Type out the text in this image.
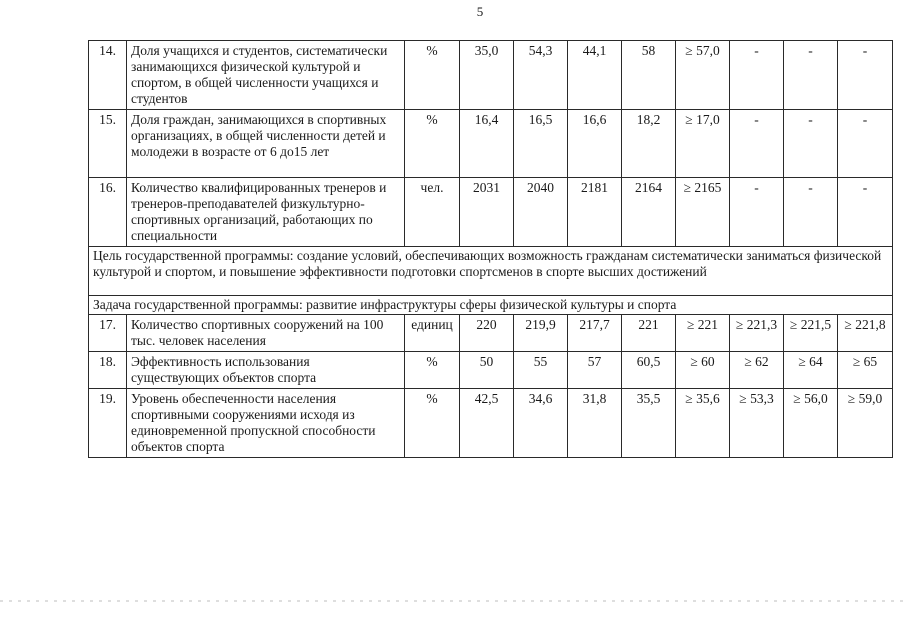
5
14.	Доля учащихся и студентов, систематически занимающихся физической культурой и спортом, в общей численности учащихся и студентов	%	35,0	54,3	44,1	58	≥ 57,0	-	-	-
15.	Доля граждан, занимающихся в спортивных организациях, в общей численности детей и молодежи в возрасте от 6 до15 лет	%	16,4	16,5	16,6	18,2	≥ 17,0	-	-	-
16.	Количество квалифицированных тренеров и тренеров-преподавателей физкультурно-спортивных организаций, работающих по специальности	чел.	2031	2040	2181	2164	≥ 2165	-	-	-
Цель государственной программы: создание условий, обеспечивающих возможность гражданам систематически заниматься физической культурой и спортом, и повышение эффективности подготовки спортсменов в спорте высших достижений										
Задача государственной программы: развитие инфраструктуры сферы физической культуры и спорта										
17.	Количество спортивных сооружений на 100 тыс. человек населения	единиц	220	219,9	217,7	221	≥ 221	≥ 221,3	≥ 221,5	≥ 221,8
18.	Эффективность использования существующих объектов спорта	%	50	55	57	60,5	≥ 60	≥ 62	≥ 64	≥ 65
19.	Уровень обеспеченности населения спортивными сооружениями исходя из единовременной пропускной способности объектов спорта	%	42,5	34,6	31,8	35,5	≥ 35,6	≥ 53,3	≥ 56,0	≥ 59,0
